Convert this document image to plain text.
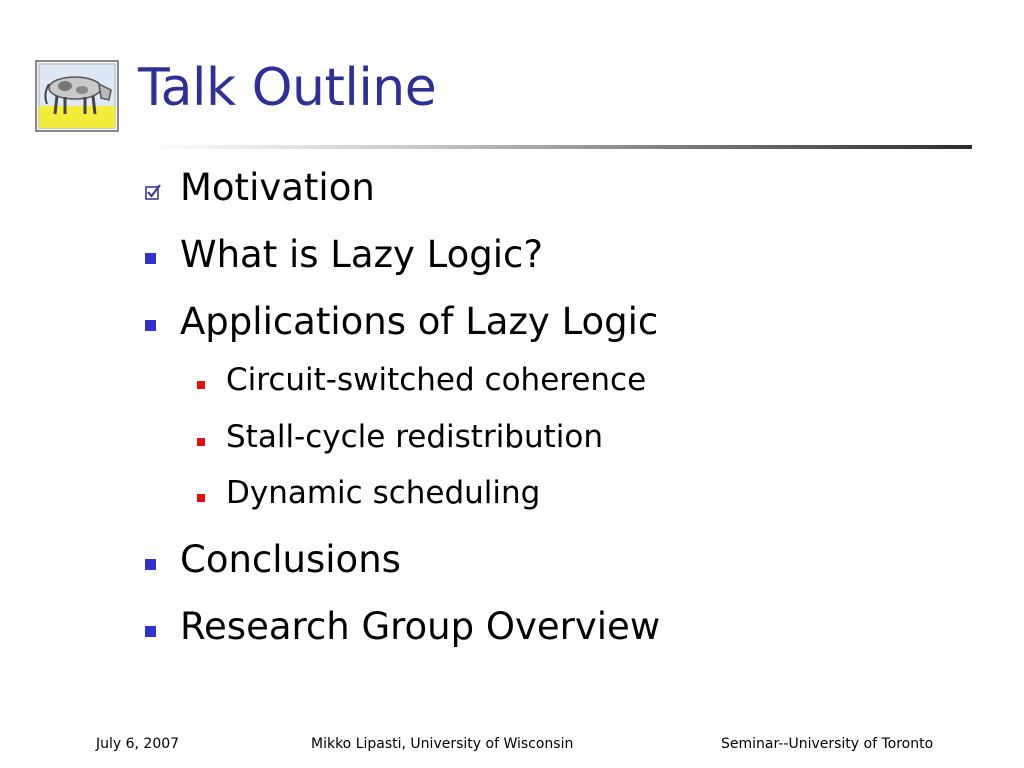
Talk Outline
Motivation
What is Lazy Logic?
Applications of Lazy Logic
Circuit-switched coherence
Stall-cycle redistribution
Dynamic scheduling
Conclusions
Research Group Overview
July 6, 2007	Mikko Lipasti, University of Wisconsin	Seminar--University of Toronto
